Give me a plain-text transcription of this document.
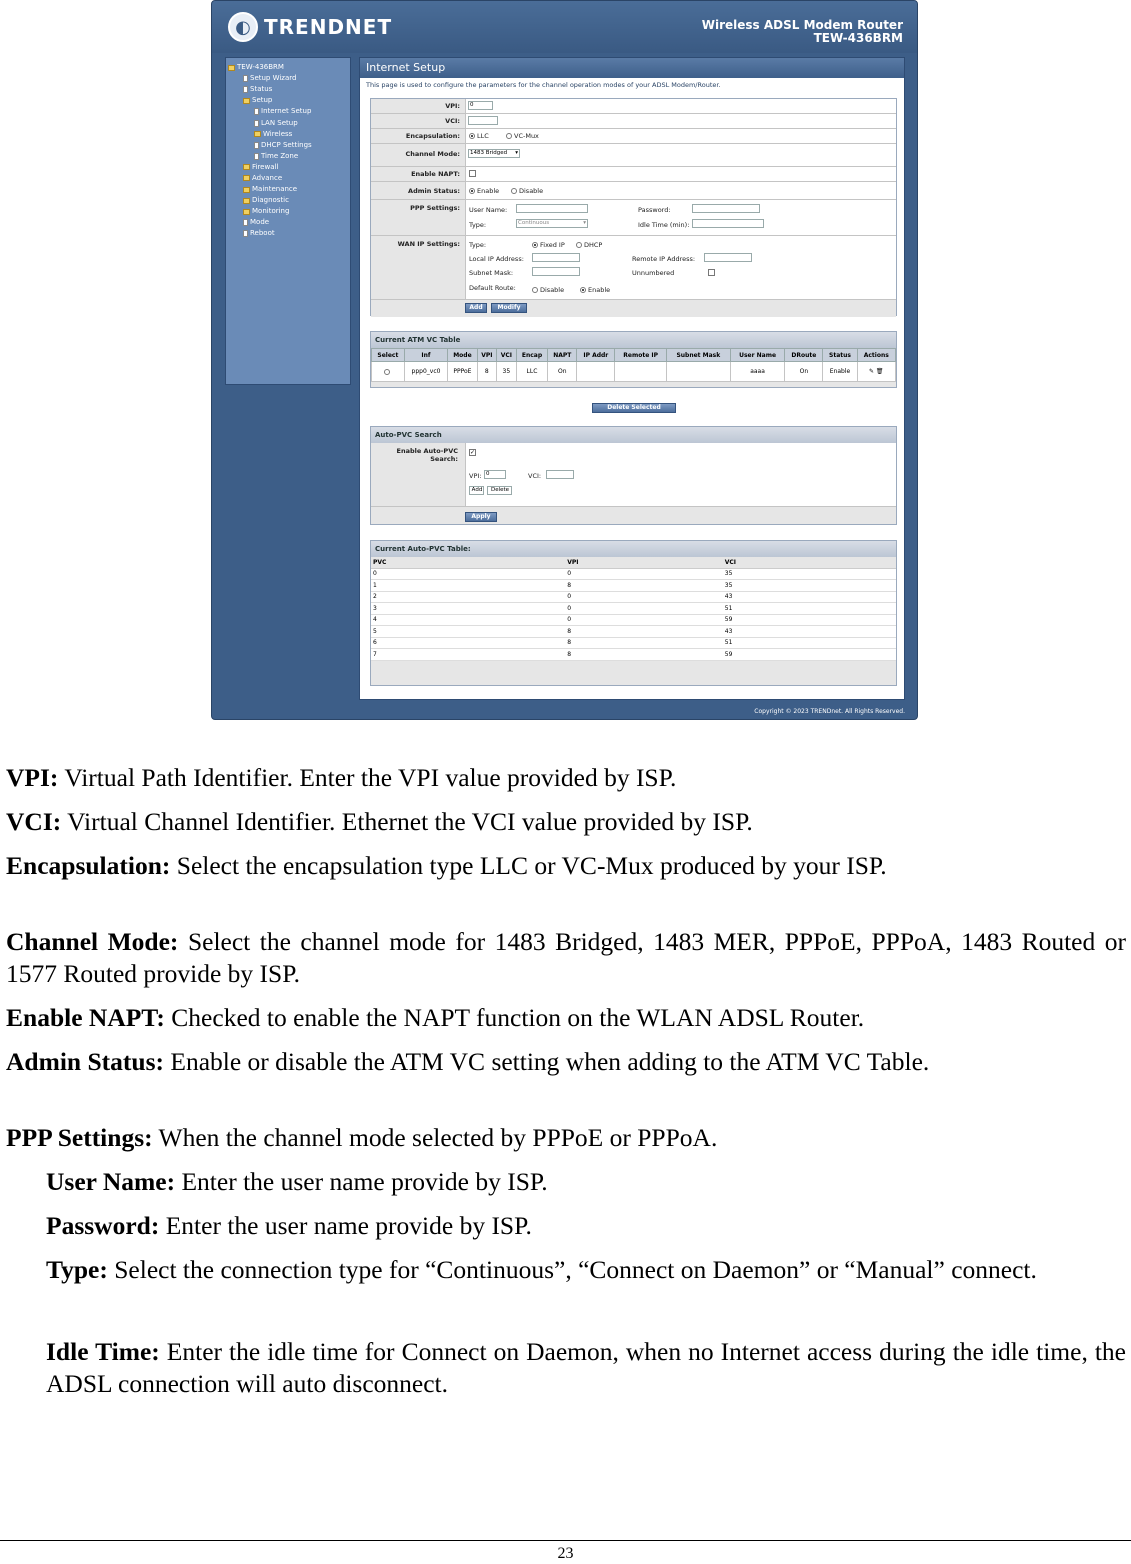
◐ TRENDNET	Wireless ADSL Modem Router
TEW-436BRM
TEW-436BRM
Setup Wizard
Status
Setup
Internet Setup
LAN Setup
Wireless
DHCP Settings
Time Zone
Firewall
Advance
Maintenance
Diagnostic
Monitoring
Mode
Reboot
Internet Setup
This page is used to configure the parameters for the channel operation modes of your ADSL Modem/Router.
VPI:	0
VCI:
Encapsulation:	LLC	VC-Mux
Channel Mode:	1483 Bridged ▾
Enable NAPT:
Admin Status:	Enable	Disable
PPP Settings:	User Name:	Password:
Type:	Continuous	▾	Idle Time (min):
WAN IP Settings:	Type:	Fixed IP	DHCP
Local IP Address:	Remote IP Address:
Subnet Mask:	Unnumbered
Default Route:	Disable	Enable
Add	Modify
Current ATM VC Table
Select	Inf	Mode	VPI	VCI	Encap	NAPT	IP Addr	Remote IP	Subnet Mask	User Name	DRoute	Status	Actions
	ppp0_vc0	PPPoE	8	35	LLC	On				aaaa	On	Enable	✎ 🗑
Delete Selected
Auto-PVC Search
Enable Auto-PVC Search:
✓
VPI: 0	VCI:
Add	Delete
Apply
Current Auto-PVC Table:
PVC	VPI	VCI
0	0	35
1	8	35
2	0	43
3	0	51
4	0	59
5	8	43
6	8	51
7	8	59
Copyright © 2023 TRENDnet. All Rights Reserved.
VPI: Virtual Path Identifier. Enter the VPI value provided by ISP.
VCI: Virtual Channel Identifier. Ethernet the VCI value provided by ISP.
Encapsulation: Select the encapsulation type LLC or VC-Mux produced by your ISP.
Channel Mode: Select the channel mode for 1483 Bridged, 1483 MER, PPPoE, PPPoA, 1483 Routed or 1577 Routed provide by ISP.
Enable NAPT: Checked to enable the NAPT function on the WLAN ADSL Router.
Admin Status: Enable or disable the ATM VC setting when adding to the ATM VC Table.
PPP Settings: When the channel mode selected by PPPoE or PPPoA.
User Name: Enter the user name provide by ISP.
Password: Enter the user name provide by ISP.
Type: Select the connection type for “Continuous”, “Connect on Daemon” or “Manual” connect.
Idle Time: Enter the idle time for Connect on Daemon, when no Internet access during the idle time, the ADSL connection will auto disconnect.
23
